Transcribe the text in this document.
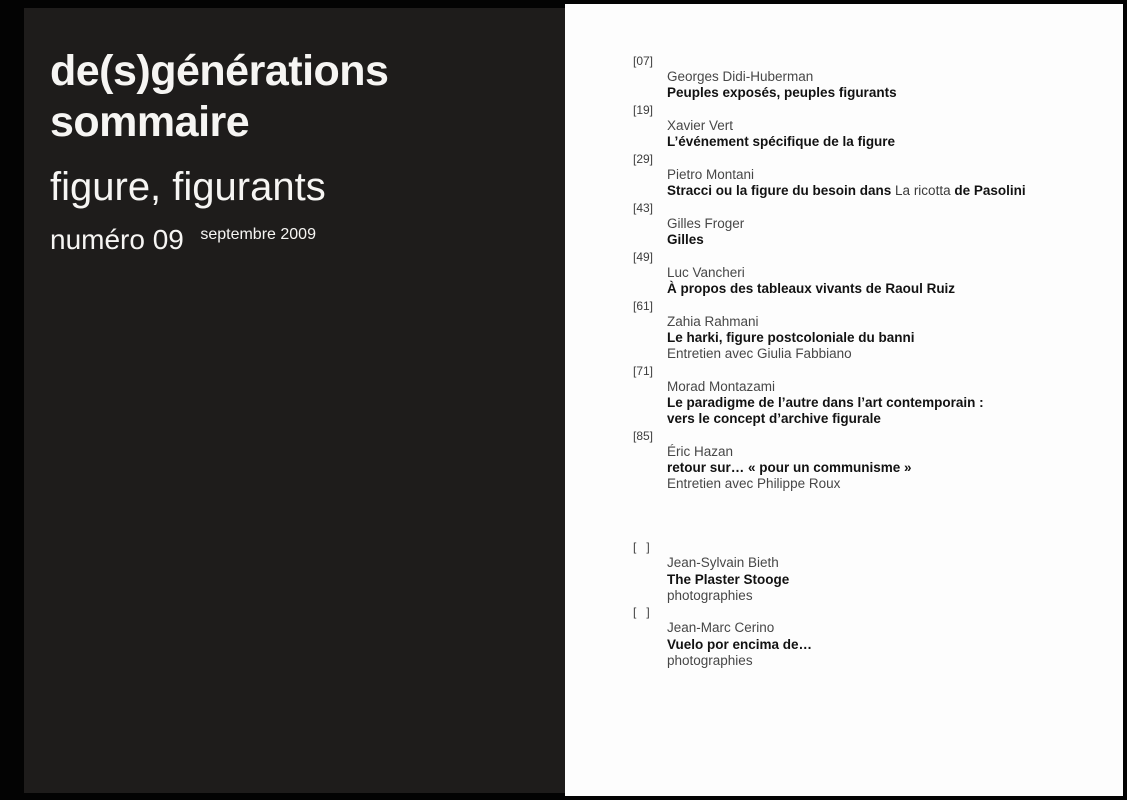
de(s)générations
sommaire
figure, figurants
numéro 09 septembre 2009
[07]
Georges Didi-Huberman
Peuples exposés, peuples figurants
[19]
Xavier Vert
L’événement spécifique de la figure
[29]
Pietro Montani
Stracci ou la figure du besoin dans La ricotta de Pasolini
[43]
Gilles Froger
Gilles
[49]
Luc Vancheri
À propos des tableaux vivants de Raoul Ruiz
[61]
Zahia Rahmani
Le harki, figure postcoloniale du banni
Entretien avec Giulia Fabbiano
[71]
Morad Montazami
Le paradigme de l’autre dans l’art contemporain :
vers le concept d’archive figurale
[85]
Éric Hazan
retour sur… « pour un communisme »
Entretien avec Philippe Roux
[   ]
Jean-Sylvain Bieth
The Plaster Stooge
photographies
[   ]
Jean-Marc Cerino
Vuelo por encima de…
photographies
